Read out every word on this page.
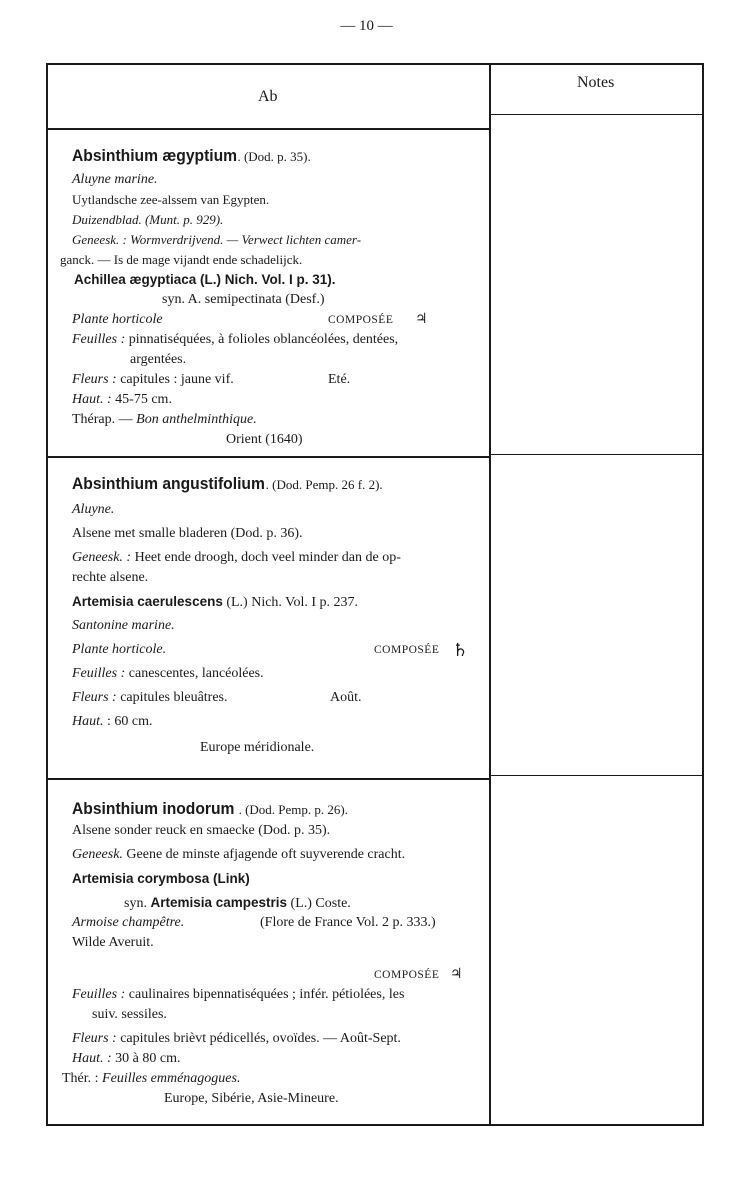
— 10 —
Ab
Notes
Absinthium ægyptium. (Dod. p. 35).
Aluyne marine.
Uytlandsche zee-alssem van Egypten.
Duizendblad. (Munt. p. 929).
Geneesk. : Wormverdrijvend. — Verwect lichten camer-
ganck. — Is de mage vijandt ende schadelijck.
Achillea ægyptiaca (L.) Nich. Vol. I p. 31).
syn. A. semipectinata (Desf.)
Plante horticole	COMPOSÉE ♃
Feuilles : pinnatiséquées, à folioles oblancéolées, dentées,
argentées.
Fleurs : capitules : jaune vif.	Eté.
Haut. : 45-75 cm.
Thérap. — Bon anthelminthique.
Orient (1640)
Absinthium angustifolium. (Dod. Pemp. 26 f. 2).
Aluyne.
Alsene met smalle bladeren (Dod. p. 36).
Geneesk. : Heet ende droogh, doch veel minder dan de op-
rechte alsene.
Artemisia caerulescens (L.) Nich. Vol. I p. 237.
Santonine marine.
Plante horticole.	COMPOSÉE ♄
Feuilles : canescentes, lancéolées.
Fleurs : capitules bleuâtres.	Août.
Haut. : 60 cm.
Europe méridionale.
Absinthium inodorum . (Dod. Pemp. p. 26).
Alsene sonder reuck en smaecke (Dod. p. 35).
Geneesk. Geene de minste afjagende oft suyverende cracht.
Artemisia corymbosa (Link)
syn. Artemisia campestris (L.) Coste.
Armoise champêtre.	(Flore de France Vol. 2 p. 333.)
Wilde Averuit.
COMPOSÉE ♃
Feuilles : caulinaires bipennatiséquées ; infér. pétiolées, les
suiv. sessiles.
Fleurs : capitules brièvt pédicellés, ovoïdes. — Août-Sept.
Haut. : 30 à 80 cm.
Thér. : Feuilles emménagogues.
Europe, Sibérie, Asie-Mineure.
